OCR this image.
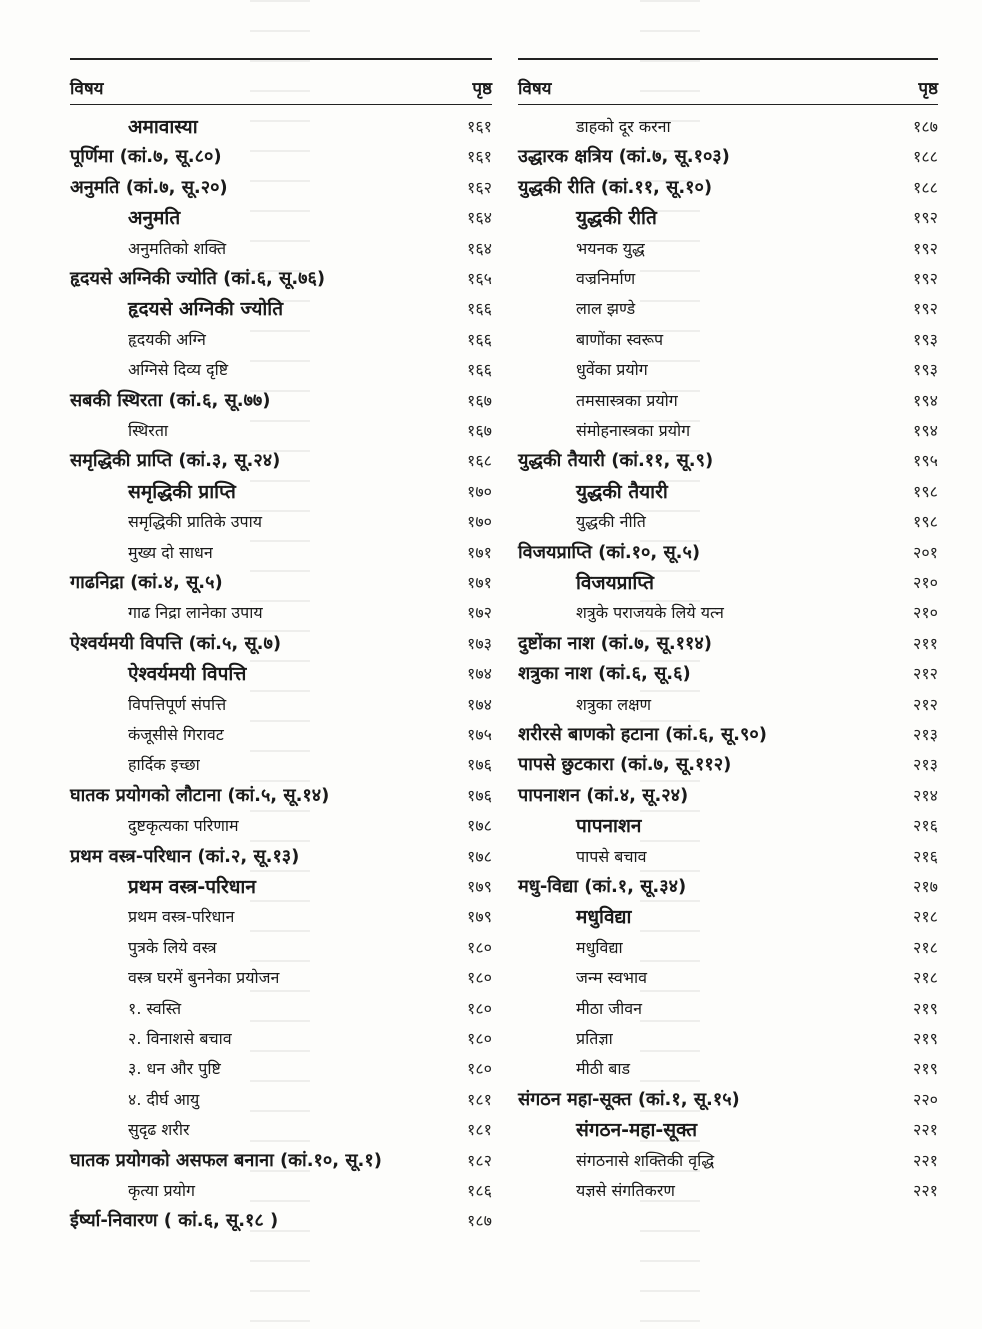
विषय	पृष्ठ
अमावास्या	१६१
पूर्णिमा (कां.७, सू.८०)	१६१
अनुमति (कां.७, सू.२०)	१६२
अनुमति	१६४
अनुमतिको शक्ति	१६४
हृदयसे अग्निकी ज्योति (कां.६, सू.७६)	१६५
हृदयसे अग्निकी ज्योति	१६६
हृदयकी अग्नि	१६६
अग्निसे दिव्य दृष्टि	१६६
सबकी स्थिरता (कां.६, सू.७७)	१६७
स्थिरता	१६७
समृद्धिकी प्राप्ति (कां.३, सू.२४)	१६८
समृद्धिकी प्राप्ति	१७०
समृद्धिकी प्रातिके उपाय	१७०
मुख्य दो साधन	१७१
गाढनिद्रा (कां.४, सू.५)	१७१
गाढ निद्रा लानेका उपाय	१७२
ऐश्वर्यमयी विपत्ति (कां.५, सू.७)	१७३
ऐश्वर्यमयी विपत्ति	१७४
विपत्तिपूर्ण संपत्ति	१७४
कंजूसीसे गिरावट	१७५
हार्दिक इच्छा	१७६
घातक प्रयोगको लौटाना (कां.५, सू.१४)	१७६
दुष्टकृत्यका परिणाम	१७८
प्रथम वस्त्र-परिधान (कां.२, सू.१३)	१७८
प्रथम वस्त्र-परिधान	१७९
प्रथम वस्त्र-परिधान	१७९
पुत्रके लिये वस्त्र	१८०
वस्त्र घरमें बुननेका प्रयोजन	१८०
१. स्वस्ति	१८०
२. विनाशसे बचाव	१८०
३. धन और पुष्टि	१८०
४. दीर्घ आयु	१८१
सुदृढ शरीर	१८१
घातक प्रयोगको असफल बनाना (कां.१०, सू.१)	१८२
कृत्या प्रयोग	१८६
ईर्ष्या-निवारण ( कां.६, सू.१८ )	१८७
विषय	पृष्ठ
डाहको दूर करना	१८७
उद्धारक क्षत्रिय (कां.७, सू.१०३)	१८८
युद्धकी रीति (कां.११, सू.१०)	१८८
युद्धकी रीति	१९२
भयनक युद्ध	१९२
वज्रनिर्माण	१९२
लाल झण्डे	१९२
बाणोंका स्वरूप	१९३
धुवेंका प्रयोग	१९३
तमसास्त्रका प्रयोग	१९४
संमोहनास्त्रका प्रयोग	१९४
युद्धकी तैयारी (कां.११, सू.९)	१९५
युद्धकी तैयारी	१९८
युद्धकी नीति	१९८
विजयप्राप्ति (कां.१०, सू.५)	२०१
विजयप्राप्ति	२१०
शत्रुके पराजयके लिये यत्न	२१०
दुष्टोंका नाश (कां.७, सू.११४)	२११
शत्रुका नाश (कां.६, सू.६)	२१२
शत्रुका लक्षण	२१२
शरीरसे बाणको हटाना (कां.६, सू.९०)	२१३
पापसे छुटकारा (कां.७, सू.११२)	२१३
पापनाशन (कां.४, सू.२४)	२१४
पापनाशन	२१६
पापसे बचाव	२१६
मधु-विद्या (कां.१, सू.३४)	२१७
मधुविद्या	२१८
मधुविद्या	२१८
जन्म स्वभाव	२१८
मीठा जीवन	२१९
प्रतिज्ञा	२१९
मीठी बाड	२१९
संगठन महा-सूक्त (कां.१, सू.१५)	२२०
संगठन-महा-सूक्त	२२१
संगठनासे शक्तिकी वृद्धि	२२१
यज्ञसे संगतिकरण	२२१
